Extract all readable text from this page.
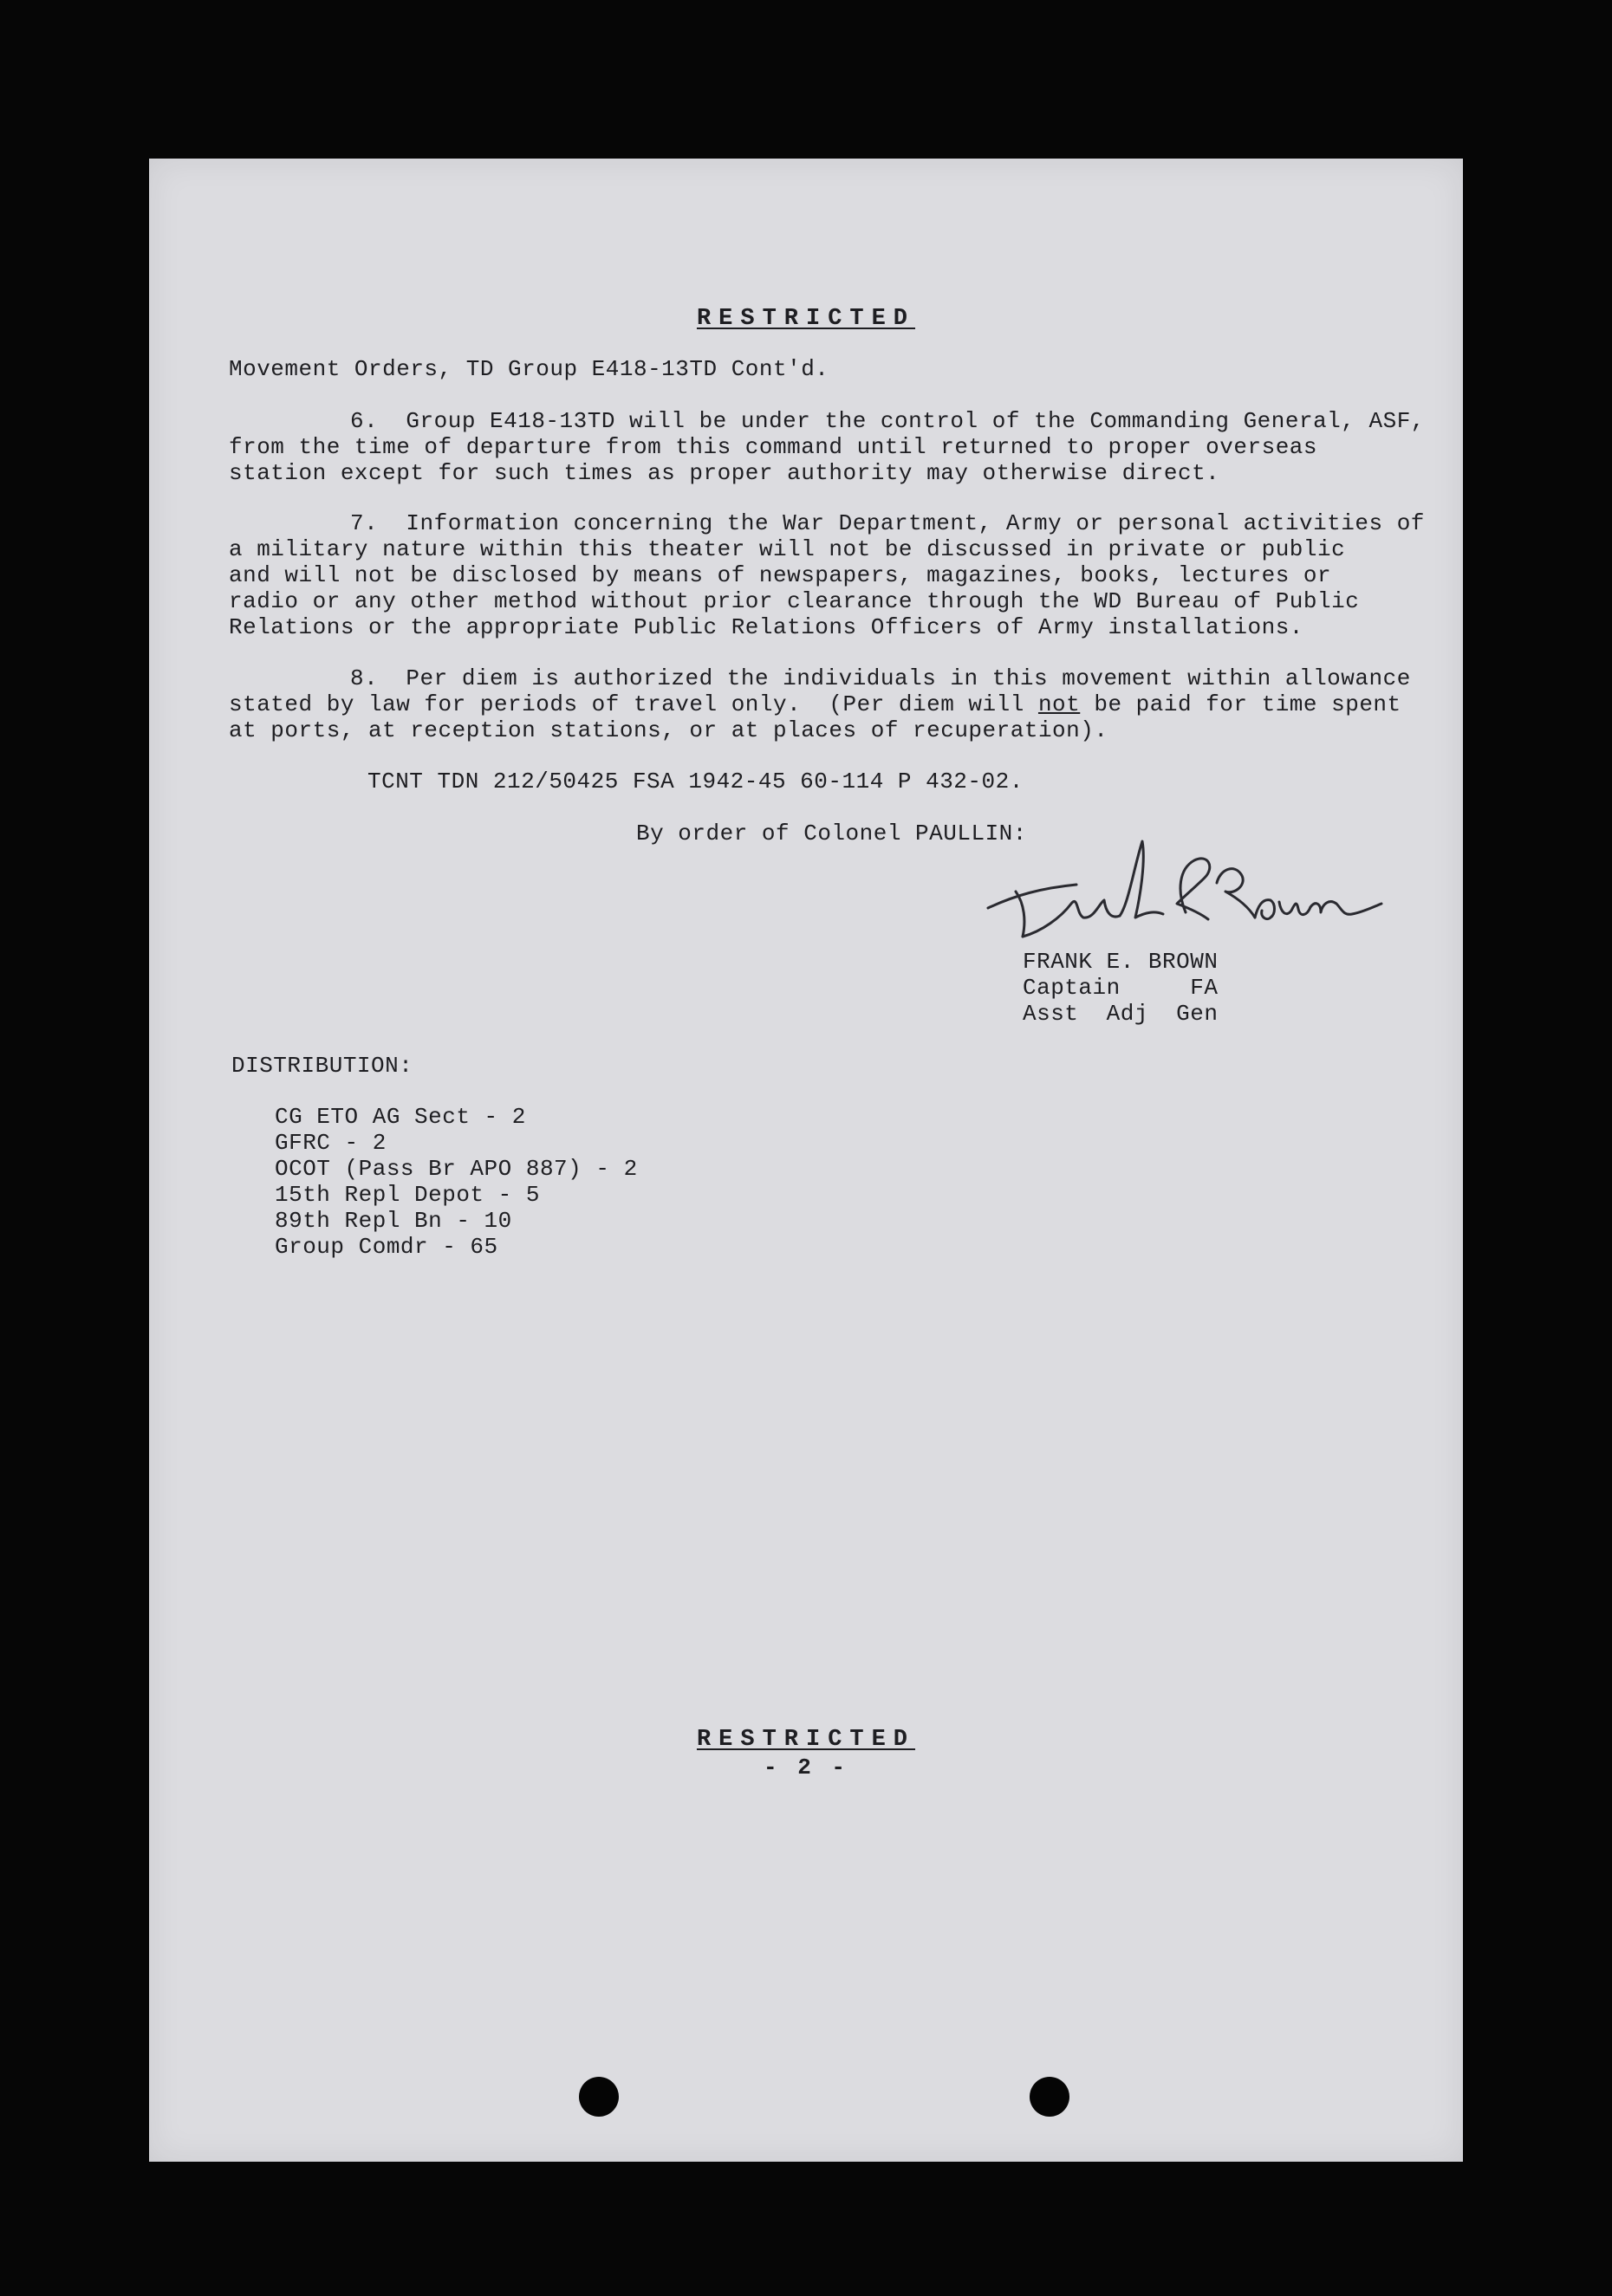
RESTRICTED
Movement Orders, TD Group E418-13TD Cont'd.
6.  Group E418-13TD will be under the control of the Commanding General, ASF,
from the time of departure from this command until returned to proper overseas
station except for such times as proper authority may otherwise direct.
7.  Information concerning the War Department, Army or personal activities of
a military nature within this theater will not be discussed in private or public
and will not be disclosed by means of newspapers, magazines, books, lectures or
radio or any other method without prior clearance through the WD Bureau of Public
Relations or the appropriate Public Relations Officers of Army installations.
8.  Per diem is authorized the individuals in this movement within allowance
stated by law for periods of travel only.  (Per diem will not be paid for time spent
at ports, at reception stations, or at places of recuperation).
TCNT TDN 212/50425 FSA 1942-45 60-114 P 432-02.
By order of Colonel PAULLIN:
FRANK E. BROWN
Captain     FA
Asst  Adj  Gen
DISTRIBUTION:
CG ETO AG Sect - 2
GFRC - 2
OCOT (Pass Br APO 887) - 2
15th Repl Depot - 5
89th Repl Bn - 10
Group Comdr - 65
RESTRICTED
- 2 -
